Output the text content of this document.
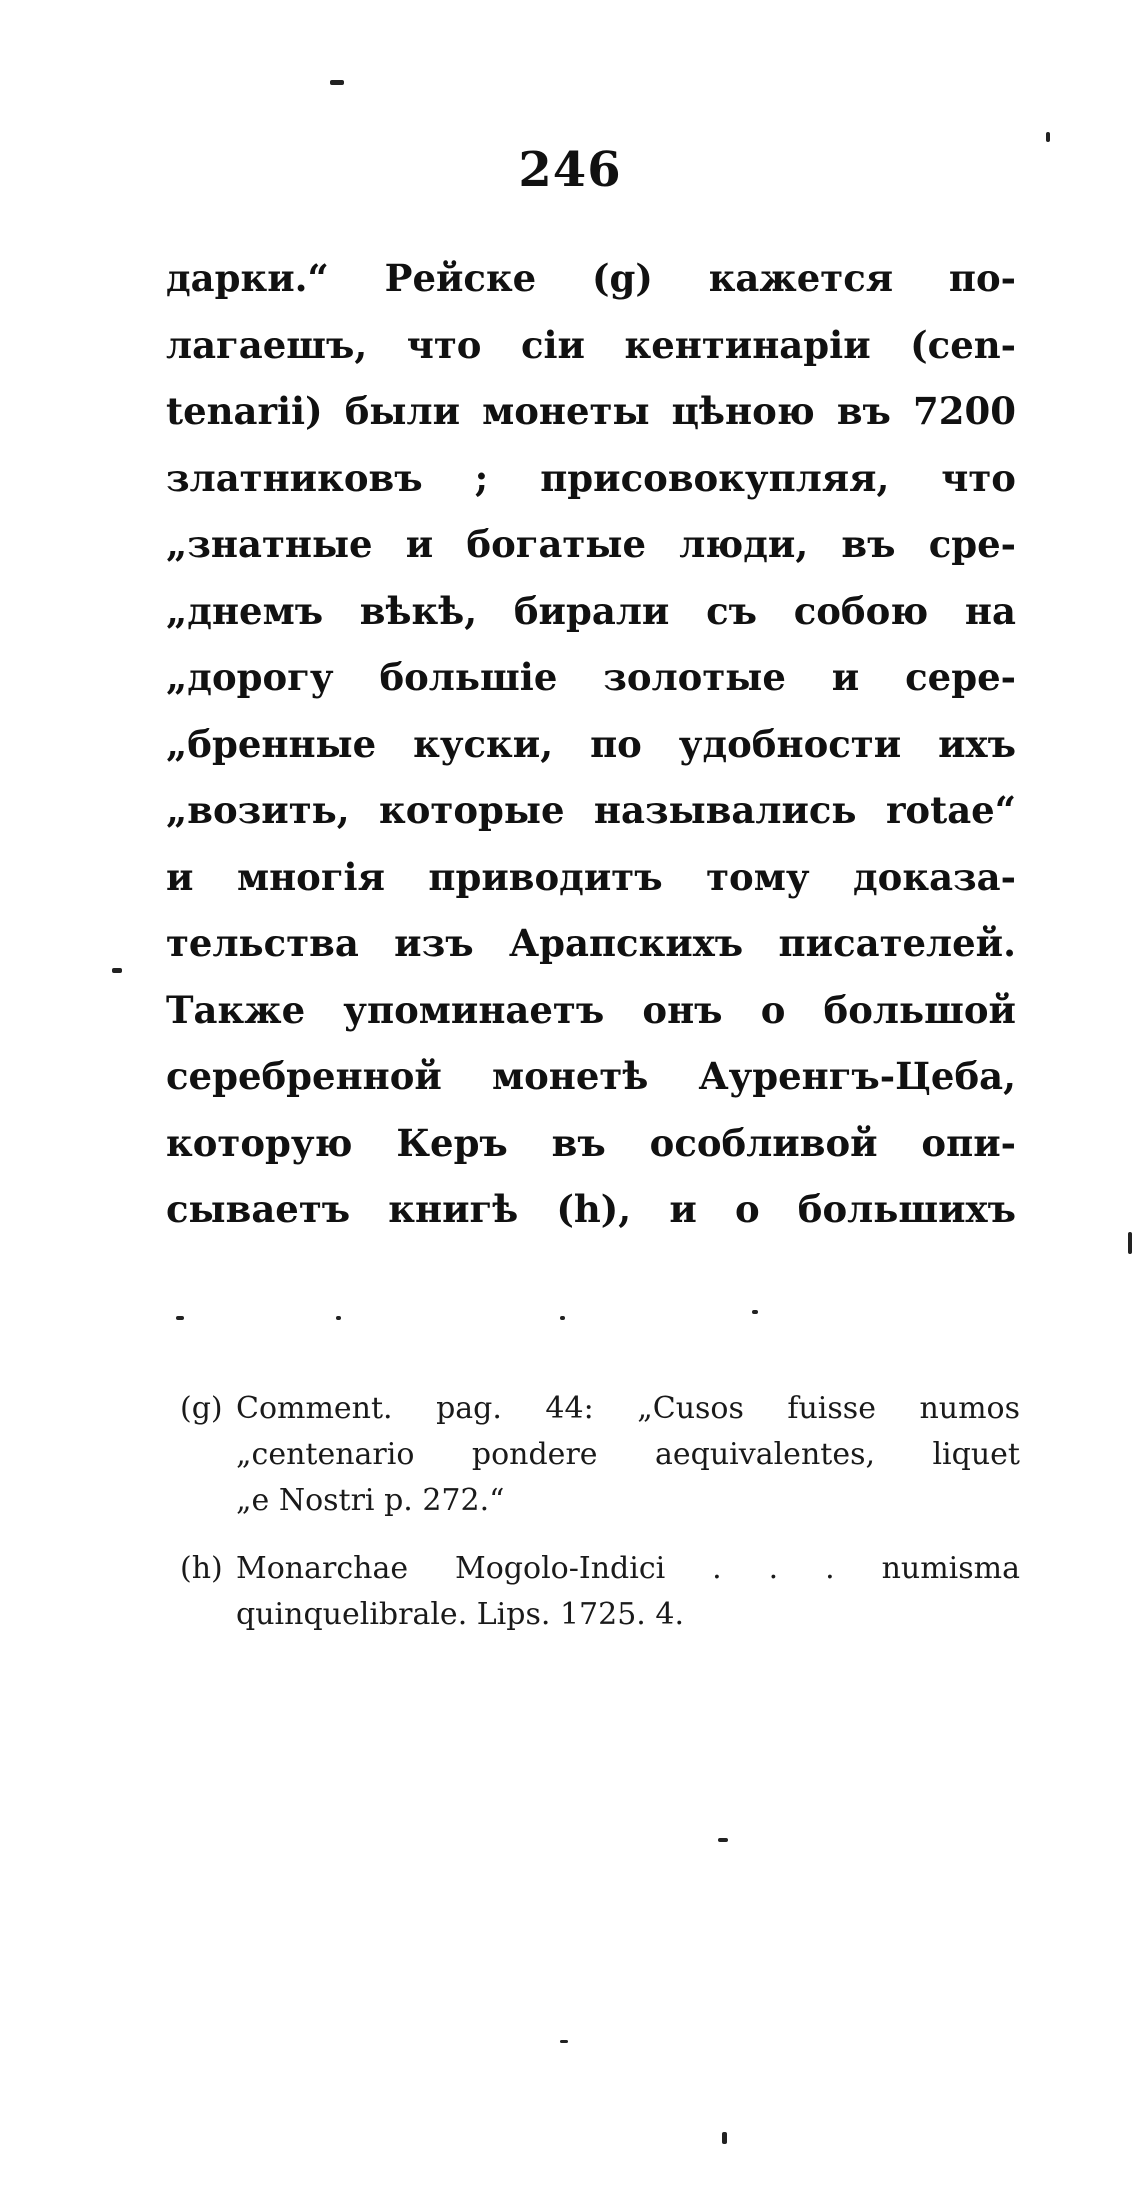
246
дарки.“ Рейске (g) кажется по-
лагаешъ, что сіи кентинаріи (cen-
tenarii) были монеты цѣною въ 7200
златниковъ ; присовокупляя, что
„знатные и богатые люди, въ сре-
„днемъ вѣкѣ, бирали съ собою на
„дорогу большіе золотые и сере-
„бренные куски, по удобности ихъ
„возить, которые назывались rotae“
и многія приводитъ тому доказа-
тельства изъ Арапскихъ писателей.
Также упоминаетъ онъ о большой
серебренной монетѣ Ауренгъ-Цеба,
которую Керъ въ особливой опи-
сываетъ книгѣ (h), и о большихъ
(g) Comment. pag. 44: „Cusos fuisse numos
„centenario pondere aequivalentes, liquet
„e Nostri p. 272.“
(h) Monarchae Mogolo-Indici . . . numisma
quinquelibrale. Lips. 1725. 4.
